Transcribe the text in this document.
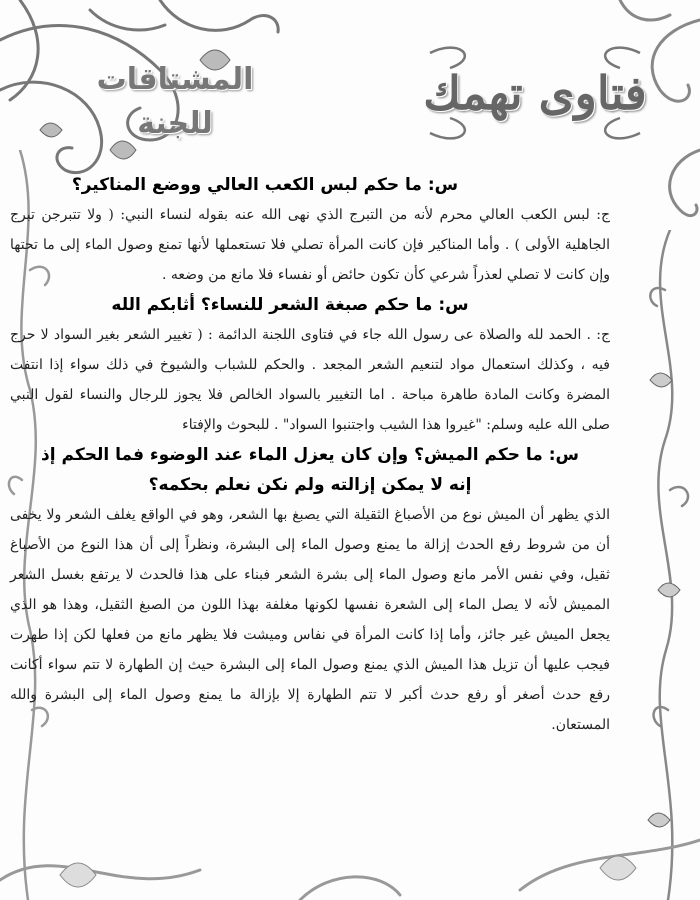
فتاوى تهمك
المشتاقات
للجنة

س: ما حكم لبس الكعب العالي ووضع المناكير؟

ج: لبس الكعب العالي محرم لأنه من التبرج الذي نهى الله عنه بقوله لنساء النبي: ( ولا تتبرجن تبرج الجاهلية الأولى ) . وأما المناكير فإن كانت المرأة تصلي فلا تستعملها لأنها تمنع وصول الماء إلى ما تحتها وإن كانت لا تصلي لعذراً شرعي كأن تكون حائض أو نفساء فلا مانع من وضعه .

س: ما حكم صبغة الشعر للنساء؟ أثابكم الله

ج: . الحمد لله والصلاة عى رسول الله جاء في فتاوى اللجنة الدائمة : ( تغيير الشعر بغير السواد لا حرج فيه ، وكذلك استعمال مواد لتنعيم الشعر المجعد . والحكم للشباب والشيوخ في ذلك سواء إذا انتفت المضرة وكانت المادة طاهرة مباحة . اما التغيير بالسواد الخالص فلا يجوز للرجال والنساء لقول النبي صلى الله عليه وسلم: "غيروا هذا الشيب واجتنبوا السواد" . للبحوث والإفتاء

س: ما حكم الميش؟ وإن كان يعزل الماء عند الوضوء فما الحكم إذ إنه لا يمكن إزالته ولم نكن نعلم بحكمه؟

الذي يظهر أن الميش نوع من الأصباغ الثقيلة التي يصبغ بها الشعر، وهو في الواقع يغلف الشعر ولا يخفى أن من شروط رفع الحدث إزالة ما يمنع وصول الماء إلى البشرة، ونظراً إلى أن هذا النوع من الأصباغ ثقيل، وفي نفس الأمر مانع وصول الماء إلى بشرة الشعر فبناء على هذا فالحدث لا يرتفع بغسل الشعر المميش لأنه لا يصل الماء إلى الشعرة نفسها لكونها مغلفة بهذا اللون من الصبغ الثقيل، وهذا هو الذي يجعل الميش غير جائز، وأما إذا كانت المرأة في نفاس وميشت فلا يظهر مانع من فعلها لكن إذا طهرت فيجب عليها أن تزيل هذا الميش الذي يمنع وصول الماء إلى البشرة حيث إن الطهارة لا تتم سواء أكانت رفع حدث أصغر أو رفع حدث أكبر لا تتم الطهارة إلا بإزالة ما يمنع وصول الماء إلى البشرة والله المستعان.
